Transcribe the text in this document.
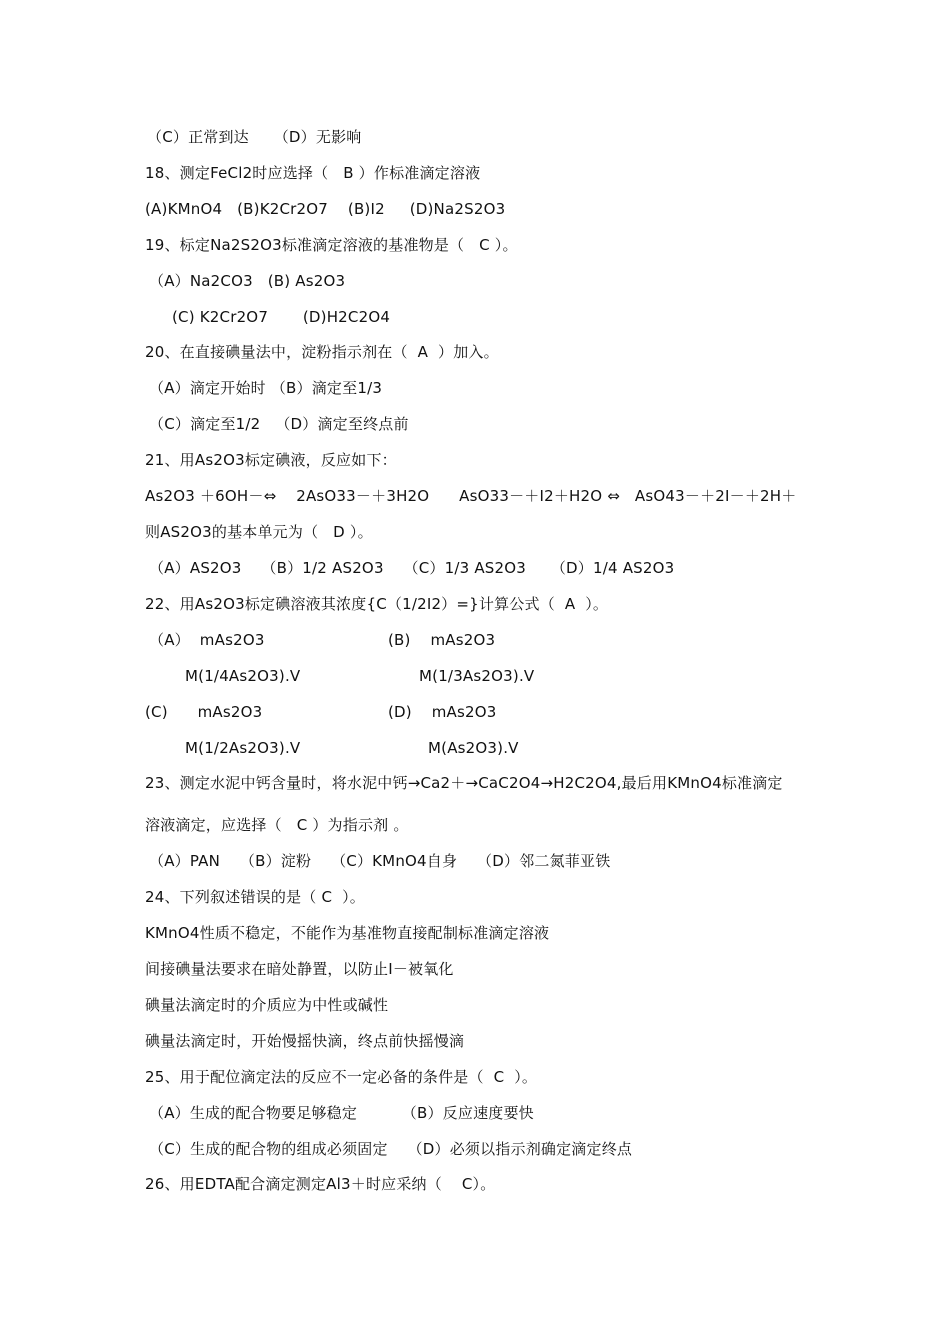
（C）正常到达     （D）无影响
18、测定FeCl2时应选择（   B ）作标准滴定溶液
(A)KMnO4   (B)K2Cr2O7    (B)I2     (D)Na2S2O3
19、标定Na2S2O3标准滴定溶液的基准物是（   C ）。
（A）Na2CO3   (B) As2O3
(C) K2Cr2O7       (D)H2C2O4
20、在直接碘量法中，淀粉指示剂在（  A  ）加入。
（A）滴定开始时 （B）滴定至1/3
（C）滴定至1/2   （D）滴定至终点前
21、用As2O3标定碘液，反应如下：
As2O3 ＋6OH－⇔    2AsO33－＋3H2O      AsO33－＋I2＋H2O ⇔   AsO43－＋2I－＋2H＋
则AS2O3的基本单元为（   D ）。
（A）AS2O3    （B）1/2 AS2O3    （C）1/3 AS2O3     （D）1/4 AS2O3
22、用As2O3标定碘溶液其浓度{C（1/2I2）=}计算公式（  A  ）。
（A）  mAs2O3	(B)    mAs2O3
M(1/4As2O3).V	M(1/3As2O3).V
(C)      mAs2O3	(D)    mAs2O3
M(1/2As2O3).V	M(As2O3).V
23、测定水泥中钙含量时，将水泥中钙→Ca2＋→CaC2O4→H2C2O4,最后用KMnO4标准滴定
溶液滴定，应选择（   C ）为指示剂 。
（A）PAN    （B）淀粉    （C）KMnO4自身    （D）邻二氮菲亚铁
24、下列叙述错误的是（ C  ）。
KMnO4性质不稳定，不能作为基准物直接配制标准滴定溶液
间接碘量法要求在暗处静置，以防止I－被氧化
碘量法滴定时的介质应为中性或碱性
碘量法滴定时，开始慢摇快滴，终点前快摇慢滴
25、用于配位滴定法的反应不一定必备的条件是（  C  ）。
（A）生成的配合物要足够稳定         （B）反应速度要快
（C）生成的配合物的组成必须固定    （D）必须以指示剂确定滴定终点
26、用EDTA配合滴定测定Al3＋时应采纳（    C）。
